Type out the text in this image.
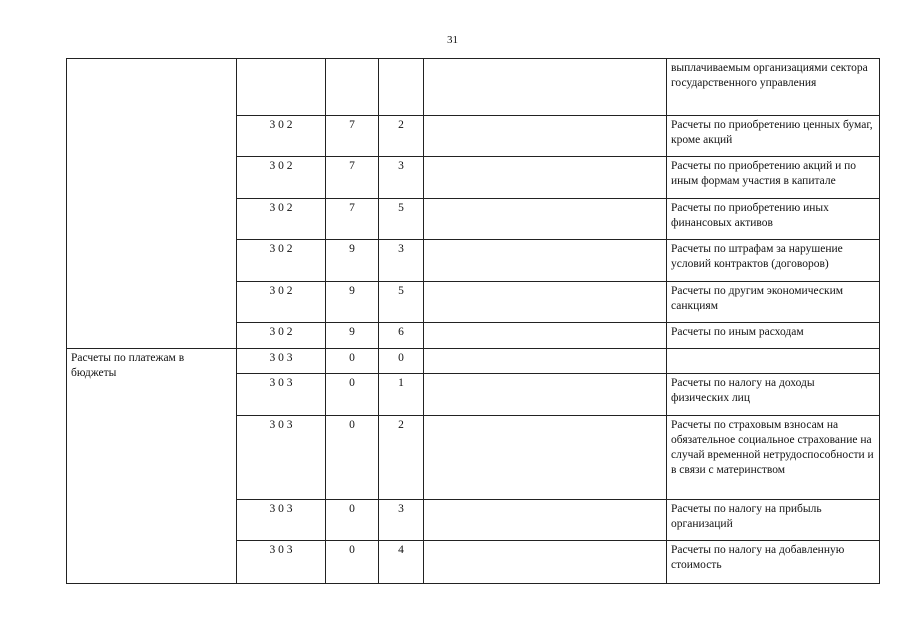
31
					выплачиваемым организациями сектора государственного управления
	3 0 2	7	2		Расчеты по приобретению ценных бумаг, кроме акций
	3 0 2	7	3		Расчеты по приобретению акций и по иным формам участия в капитале
	3 0 2	7	5		Расчеты по приобретению иных финансовых активов
	3 0 2	9	3		Расчеты по штрафам за нарушение условий контрактов (договоров)
	3 0 2	9	5		Расчеты по другим экономическим санкциям
	3 0 2	9	6		Расчеты по иным расходам
Расчеты по платежам в бюджеты	3 0 3	0	0		
	3 0 3	0	1		Расчеты по налогу на доходы физических лиц
	3 0 3	0	2		Расчеты по страховым взносам на обязательное социальное страхование на случай временной нетрудоспособности и в связи с материнством
	3 0 3	0	3		Расчеты по налогу на прибыль организаций
	3 0 3	0	4		Расчеты по налогу на добавленную стоимость
